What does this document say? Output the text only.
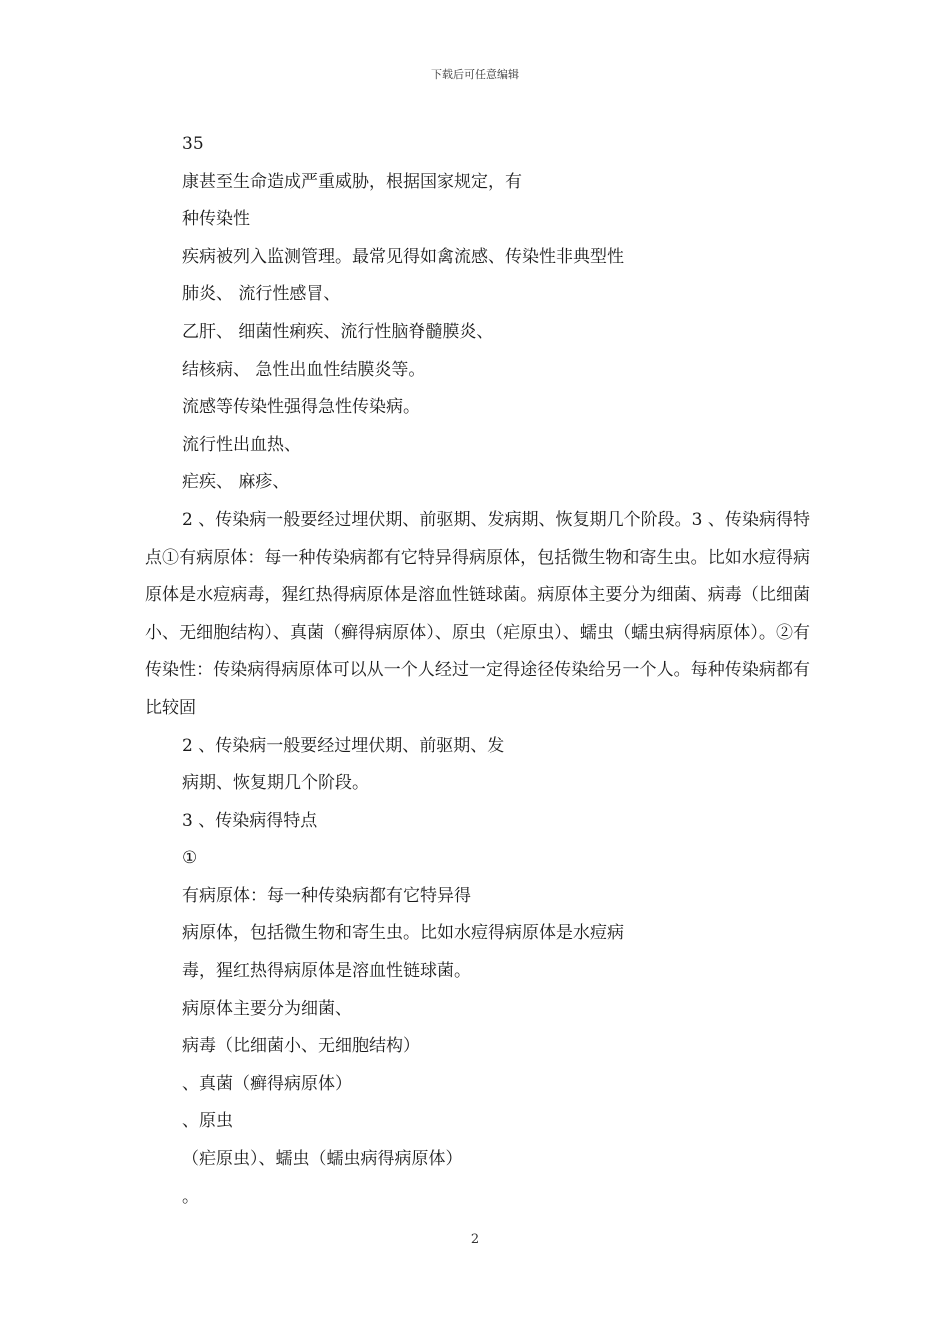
下载后可任意编辑
35
康甚至生命造成严重威胁，根据国家规定，有
种传染性
疾病被列入监测管理。最常见得如禽流感、传染性非典型性
肺炎、 流行性感冒、
乙肝、 细菌性痢疾、流行性脑脊髓膜炎、
结核病、 急性出血性结膜炎等。
流感等传染性强得急性传染病。
流行性出血热、
疟疾、 麻疹、
2 、传染病一般要经过埋伏期、前驱期、发病期、恢复期几个阶段。3 、传染病得特点①有病原体：每一种传染病都有它特异得病原体，包括微生物和寄生虫。比如水痘得病原体是水痘病毒，猩红热得病原体是溶血性链球菌。病原体主要分为细菌、病毒（比细菌小、无细胞结构）、真菌（癣得病原体）、原虫（疟原虫）、蠕虫（蠕虫病得病原体）。②有传染性：传染病得病原体可以从一个人经过一定得途径传染给另一个人。每种传染病都有比较固
2 、传染病一般要经过埋伏期、前驱期、发
病期、恢复期几个阶段。
3 、传染病得特点
①
有病原体：每一种传染病都有它特异得
病原体，包括微生物和寄生虫。比如水痘得病原体是水痘病
毒，猩红热得病原体是溶血性链球菌。
病原体主要分为细菌、
病毒（比细菌小、无细胞结构）
、真菌（癣得病原体）
、原虫
（疟原虫）、蠕虫（蠕虫病得病原体）
。
2
